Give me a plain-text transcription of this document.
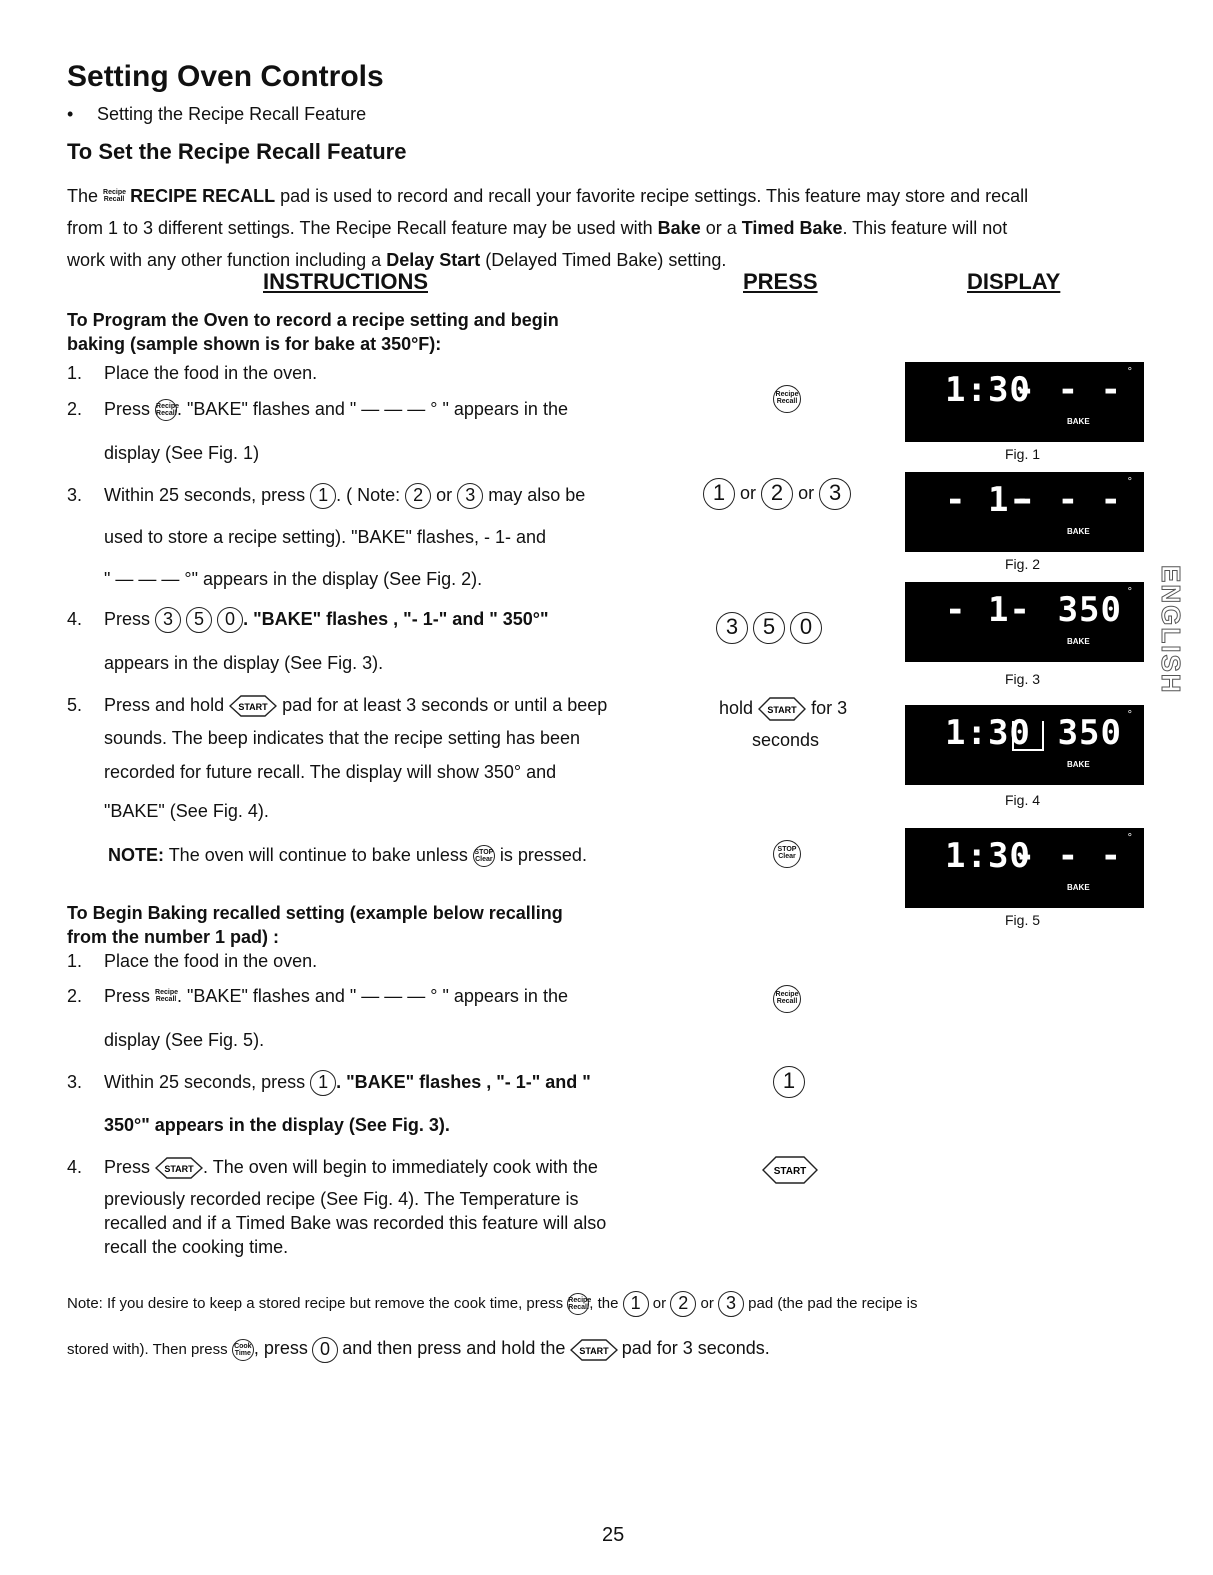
Setting Oven Controls
• Setting the Recipe Recall Feature
To Set the Recipe Recall Feature
The Recipe
Recall RECIPE RECALL pad is used to record and recall your favorite recipe settings. This feature may store and recall
from 1 to 3 different settings. The Recipe Recall feature may be used with Bake or a Timed Bake. This feature will not
work with any other function including a Delay Start (Delayed Timed Bake) setting.
INSTRUCTIONS	PRESS	DISPLAY
To Program the Oven to record a recipe setting and begin
baking (sample shown is for bake at 350°F):
1. Place the food in the oven.
2. Press Recipe
Recall. "BAKE" flashes and " — — — ° " appears in the
display (See Fig. 1)
3. Within 25 seconds, press 1 . ( Note: 2 or 3 may also be
used to store a recipe setting). "BAKE" flashes, - 1- and
" — — — °" appears in the display (See Fig. 2).
4. Press 3 5 0 . "BAKE" flashes , "- 1-" and " 350°"
appears in the display (See Fig. 3).
5. Press and hold START pad for at least 3 seconds or until a beep
sounds. The beep indicates that the recipe setting has been
recorded for future recall. The display will show 350° and
"BAKE" (See Fig. 4).
NOTE: The oven will continue to bake unless STOP
Clear is pressed.
To Begin Baking recalled setting (example below recalling
from the number 1 pad) :
1. Place the food in the oven.
2. Press Recipe
Recall. "BAKE" flashes and " — — — ° " appears in the
display (See Fig. 5).
3. Within 25 seconds, press 1 . "BAKE" flashes , "- 1-" and "
350°" appears in the display (See Fig. 3).
4. Press START . The oven will begin to immediately cook with the
previously recorded recipe (See Fig. 4). The Temperature is
recalled and if a Timed Bake was recorded this feature will also
recall the cooking time.
Recipe
Recall
1 or 2 or 3
3 5 0
hold START for 3
seconds
STOP
Clear
Recipe
Recall
1
START
1:30
- - - °
BAKE
Fig. 1
- 1-
- - - °
BAKE
Fig. 2
- 1- 350 °
BAKE
Fig. 3
1:30 350 °
BAKE
Fig. 4
1:30
- - - °
BAKE
Fig. 5
ENGLISH
Note: If you desire to keep a stored recipe but remove the cook time, press Recipe
Recall, the 1 or 2 or 3 pad (the pad the recipe is
stored with). Then press Cook
Time , press 0 and then press and hold the START pad for 3 seconds.
25
